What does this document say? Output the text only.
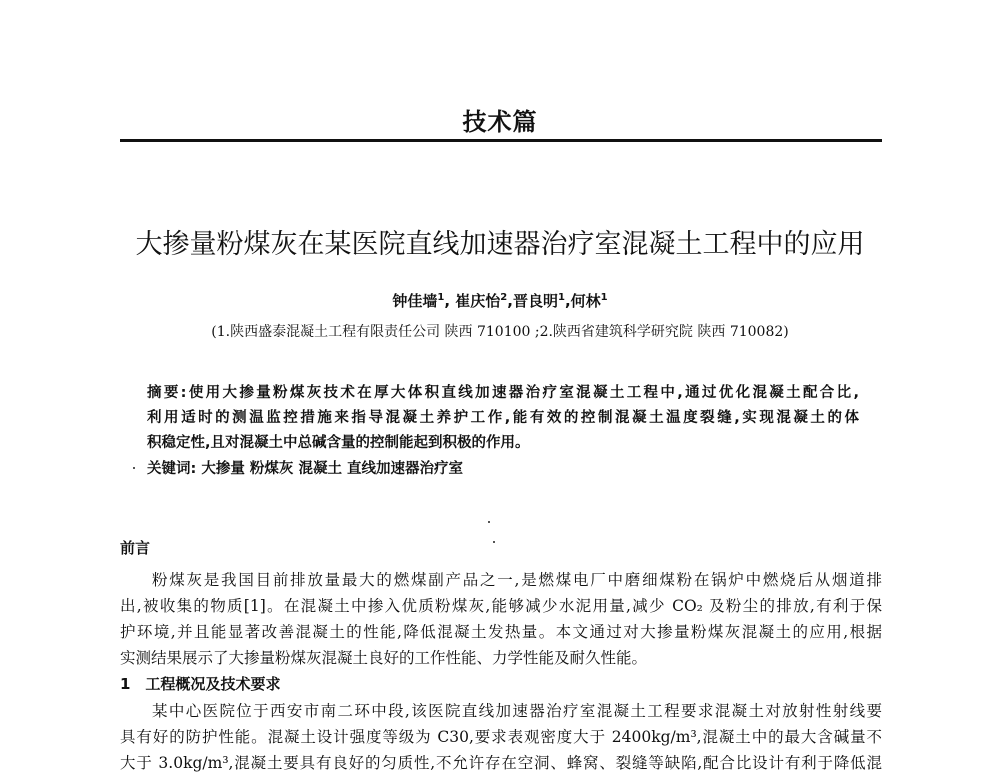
技术篇
大掺量粉煤灰在某医院直线加速器治疗室混凝土工程中的应用
钟佳墙$^1$, 崔庆怡$^2$,晋良明$^1$,何林$^1$
(1.陕西盛泰混凝土工程有限责任公司 陕西 710100 ;2.陕西省建筑科学研究院 陕西 710082)
摘要:使用大掺量粉煤灰技术在厚大体积直线加速器治疗室混凝土工程中,通过优化混凝土配合比,
利用适时的测温监控措施来指导混凝土养护工作,能有效的控制混凝土温度裂缝,实现混凝土的体
积稳定性,且对混凝土中总碱含量的控制能起到积极的作用。
关键词: 大掺量 粉煤灰 混凝土 直线加速器治疗室
前言
粉煤灰是我国目前排放量最大的燃煤副产品之一,是燃煤电厂中磨细煤粉在锅炉中燃烧后从烟道排
出,被收集的物质[1]。在混凝土中掺入优质粉煤灰,能够减少水泥用量,减少 CO₂ 及粉尘的排放,有利于保
护环境,并且能显著改善混凝土的性能,降低混凝土发热量。本文通过对大掺量粉煤灰混凝土的应用,根据
实测结果展示了大掺量粉煤灰混凝土良好的工作性能、力学性能及耐久性能。
1　工程概况及技术要求
某中心医院位于西安市南二环中段,该医院直线加速器治疗室混凝土工程要求混凝土对放射性射线要
具有好的防护性能。混凝土设计强度等级为 C30,要求表观密度大于 2400kg/m³,混凝土中的最大含碱量不
大于 3.0kg/m³,混凝土要具有良好的匀质性,不允许存在空洞、蜂窝、裂缝等缺陷,配合比设计有利于降低混
